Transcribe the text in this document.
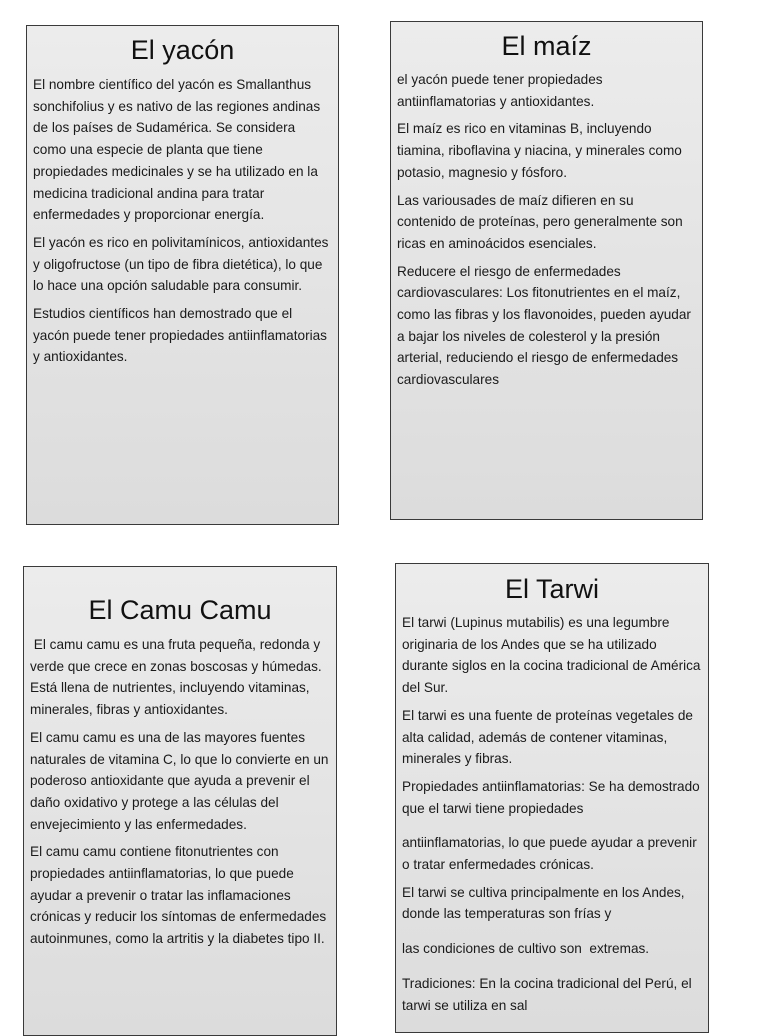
El yacón

El nombre científico del yacón es Smallanthus sonchifolius y es nativo de las regiones andinas de los países de Sudamérica. Se considera como una especie de planta que tiene propiedades medicinales y se ha utilizado en la medicina tradicional andina para tratar enfermedades y proporcionar energía.

El yacón es rico en polivitamínicos, antioxidantes y oligofructose (un tipo de fibra dietética), lo que lo hace una opción saludable para consumir.

Estudios científicos han demostrado que el yacón puede tener propiedades antiinflamatorias y antioxidantes.

El maíz

el yacón puede tener propiedades antiinflamatorias y antioxidantes.

El maíz es rico en vitaminas B, incluyendo tiamina, riboflavina y niacina, y minerales como potasio, magnesio y fósforo.

Las variousades de maíz difieren en su contenido de proteínas, pero generalmente son ricas en aminoácidos esenciales.

Reducere el riesgo de enfermedades cardiovasculares: Los fitonutrientes en el maíz, como las fibras y los flavonoides, pueden ayudar a bajar los niveles de colesterol y la presión arterial, reduciendo el riesgo de enfermedades cardiovasculares

El Camu Camu

El camu camu es una fruta pequeña, redonda y verde que crece en zonas boscosas y húmedas. Está llena de nutrientes, incluyendo vitaminas, minerales, fibras y antioxidantes.

El camu camu es una de las mayores fuentes naturales de vitamina C, lo que lo convierte en un poderoso antioxidante que ayuda a prevenir el daño oxidativo y protege a las células del envejecimiento y las enfermedades.

El camu camu contiene fitonutrientes con propiedades antiinflamatorias, lo que puede ayudar a prevenir o tratar las inflamaciones crónicas y reducir los síntomas de enfermedades autoinmunes, como la artritis y la diabetes tipo II.

El Tarwi

El tarwi (Lupinus mutabilis) es una legumbre originaria de los Andes que se ha utilizado durante siglos en la cocina tradicional de América del Sur.

El tarwi es una fuente de proteínas vegetales de alta calidad, además de contener vitaminas, minerales y fibras.

Propiedades antiinflamatorias: Se ha demostrado que el tarwi tiene propiedades

antiinflamatorias, lo que puede ayudar a prevenir o tratar enfermedades crónicas.

El tarwi se cultiva principalmente en los Andes, donde las temperaturas son frías y

las condiciones de cultivo son  extremas.

Tradiciones: En la cocina tradicional del Perú, el tarwi se utiliza en sal
